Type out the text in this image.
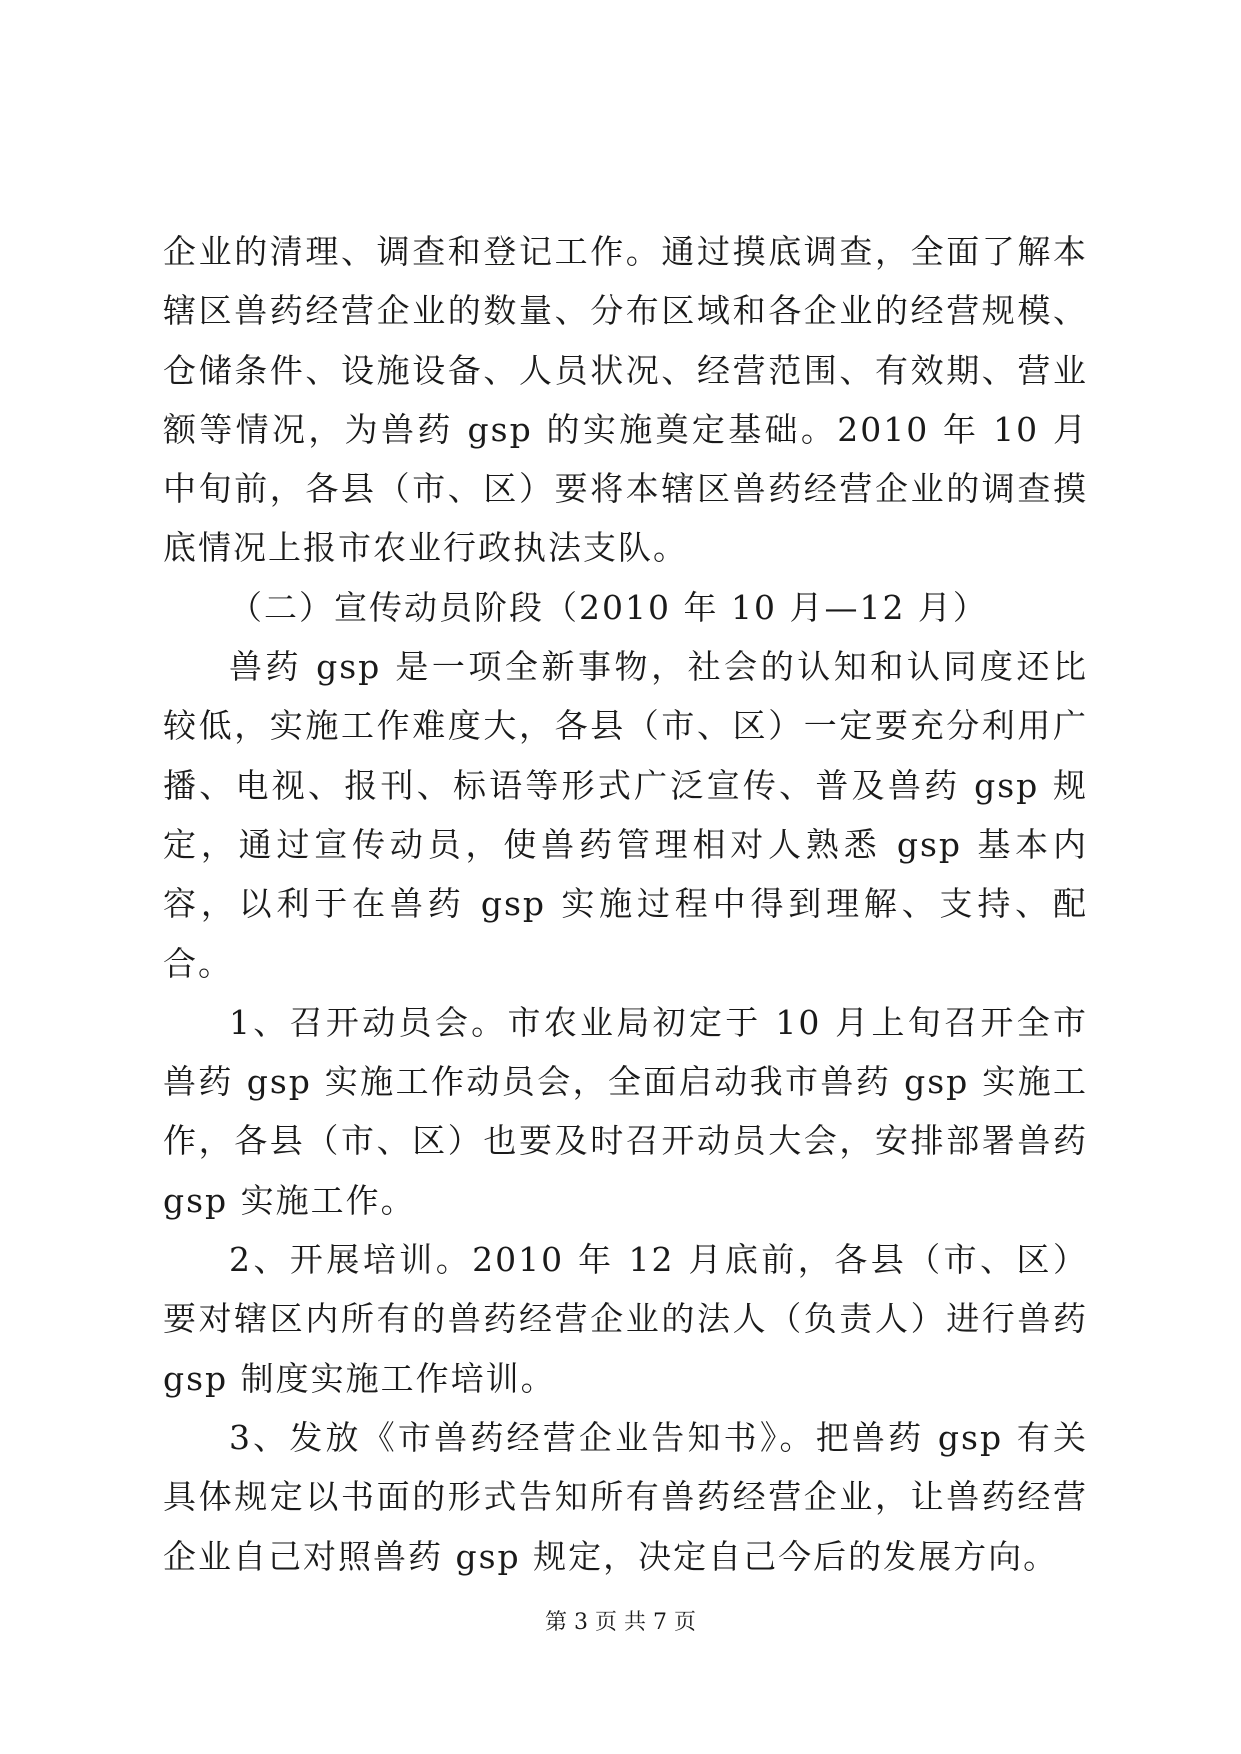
企业的清理、调查和登记工作。通过摸底调查，全面了解本辖区兽药经营企业的数量、分布区域和各企业的经营规模、仓储条件、设施设备、人员状况、经营范围、有效期、营业额等情况，为兽药 gsp 的实施奠定基础。2010 年 10 月中旬前，各县（市、区）要将本辖区兽药经营企业的调查摸底情况上报市农业行政执法支队。

（二）宣传动员阶段（2010 年 10 月—12 月）

兽药 gsp 是一项全新事物，社会的认知和认同度还比较低，实施工作难度大，各县（市、区）一定要充分利用广播、电视、报刊、标语等形式广泛宣传、普及兽药 gsp 规定，通过宣传动员，使兽药管理相对人熟悉 gsp 基本内容，以利于在兽药 gsp 实施过程中得到理解、支持、配合。

1、召开动员会。市农业局初定于 10 月上旬召开全市兽药 gsp 实施工作动员会，全面启动我市兽药 gsp 实施工作，各县（市、区）也要及时召开动员大会，安排部署兽药 gsp 实施工作。

2、开展培训。2010 年 12 月底前，各县（市、区）要对辖区内所有的兽药经营企业的法人（负责人）进行兽药 gsp 制度实施工作培训。

3、发放《市兽药经营企业告知书》。把兽药 gsp 有关具体规定以书面的形式告知所有兽药经营企业，让兽药经营企业自己对照兽药 gsp 规定，决定自己今后的发展方向。

第 3 页 共 7 页
